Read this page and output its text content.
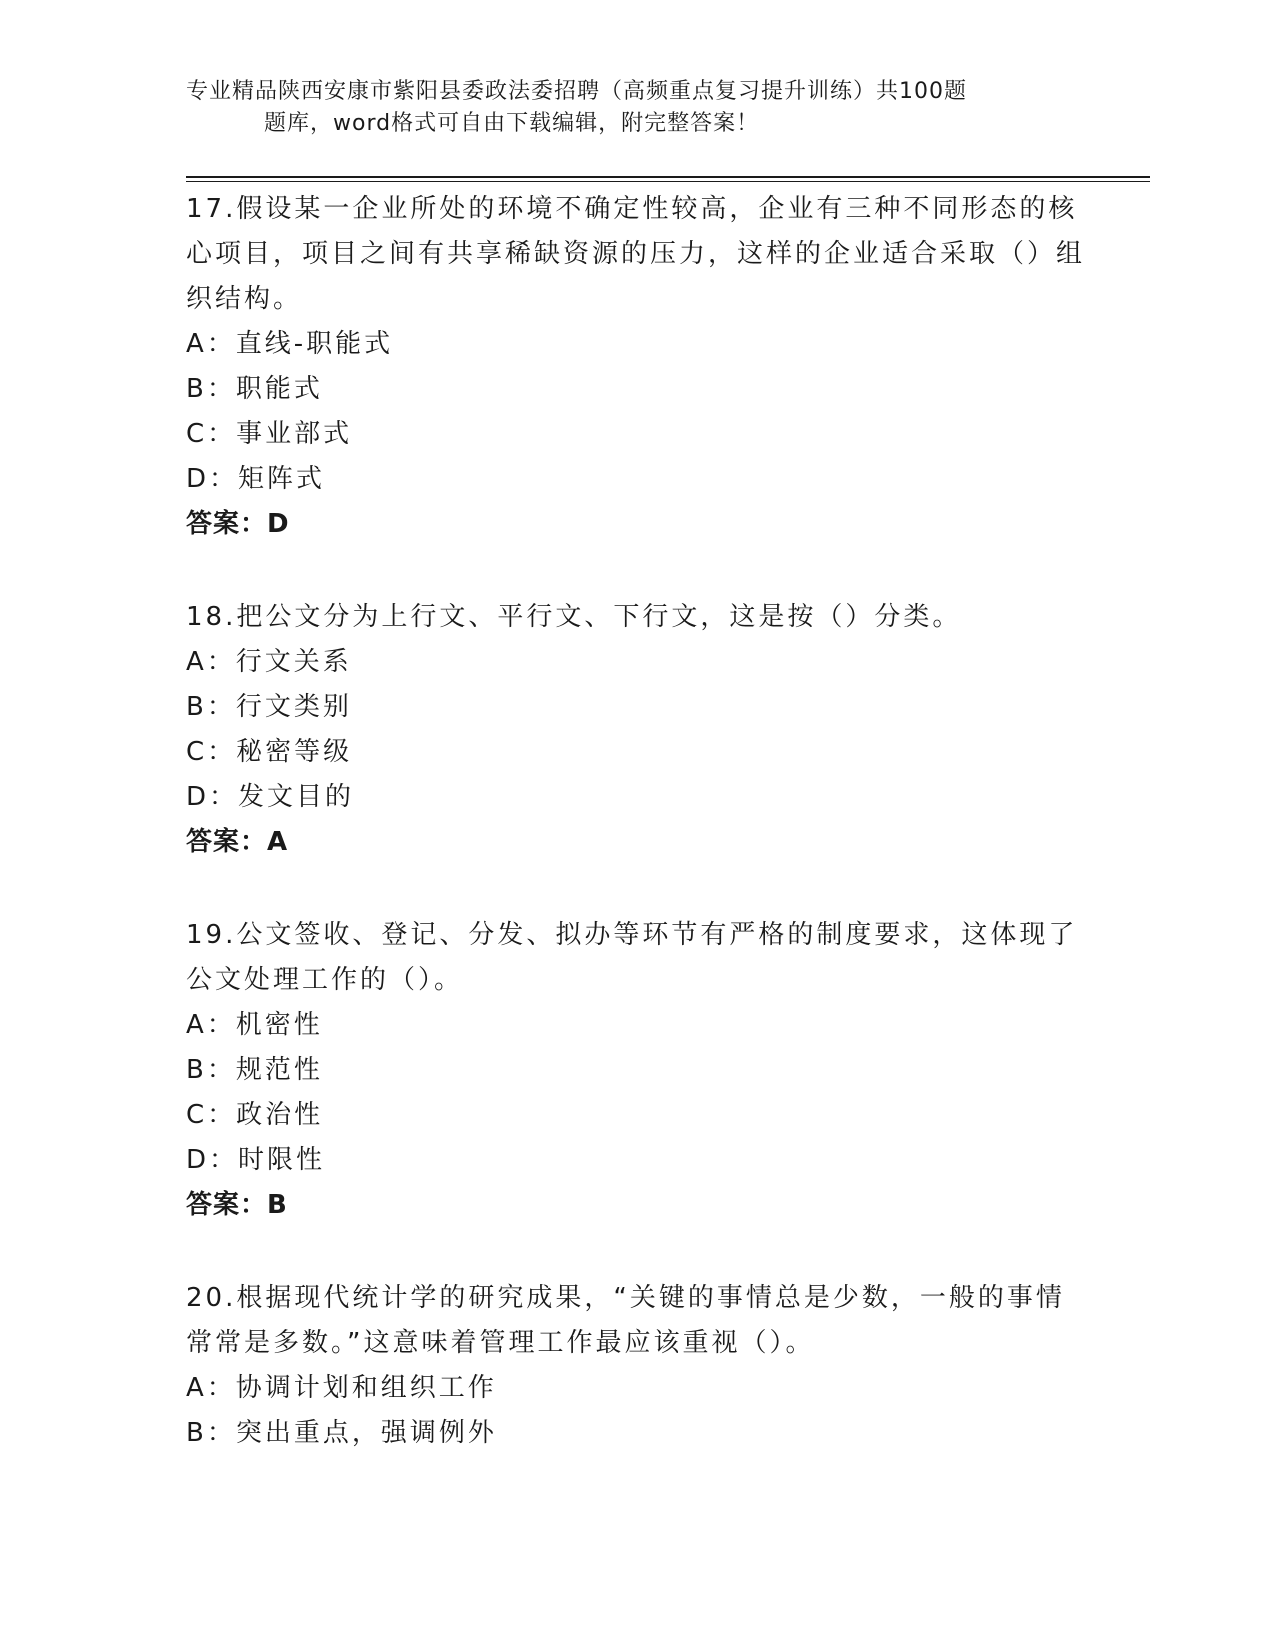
专业精品陕西安康市紫阳县委政法委招聘（高频重点复习提升训练）共100题
题库，word格式可自由下载编辑，附完整答案！
17.假设某一企业所处的环境不确定性较高，企业有三种不同形态的核心项目，项目之间有共享稀缺资源的压力，这样的企业适合采取（）组织结构。
A：直线-职能式
B：职能式
C：事业部式
D：矩阵式
答案：D
18.把公文分为上行文、平行文、下行文，这是按（）分类。
A：行文关系
B：行文类别
C：秘密等级
D：发文目的
答案：A
19.公文签收、登记、分发、拟办等环节有严格的制度要求，这体现了公文处理工作的（）。
A：机密性
B：规范性
C：政治性
D：时限性
答案：B
20.根据现代统计学的研究成果，“关键的事情总是少数，一般的事情常常是多数。”这意味着管理工作最应该重视（）。
A：协调计划和组织工作
B：突出重点，强调例外
